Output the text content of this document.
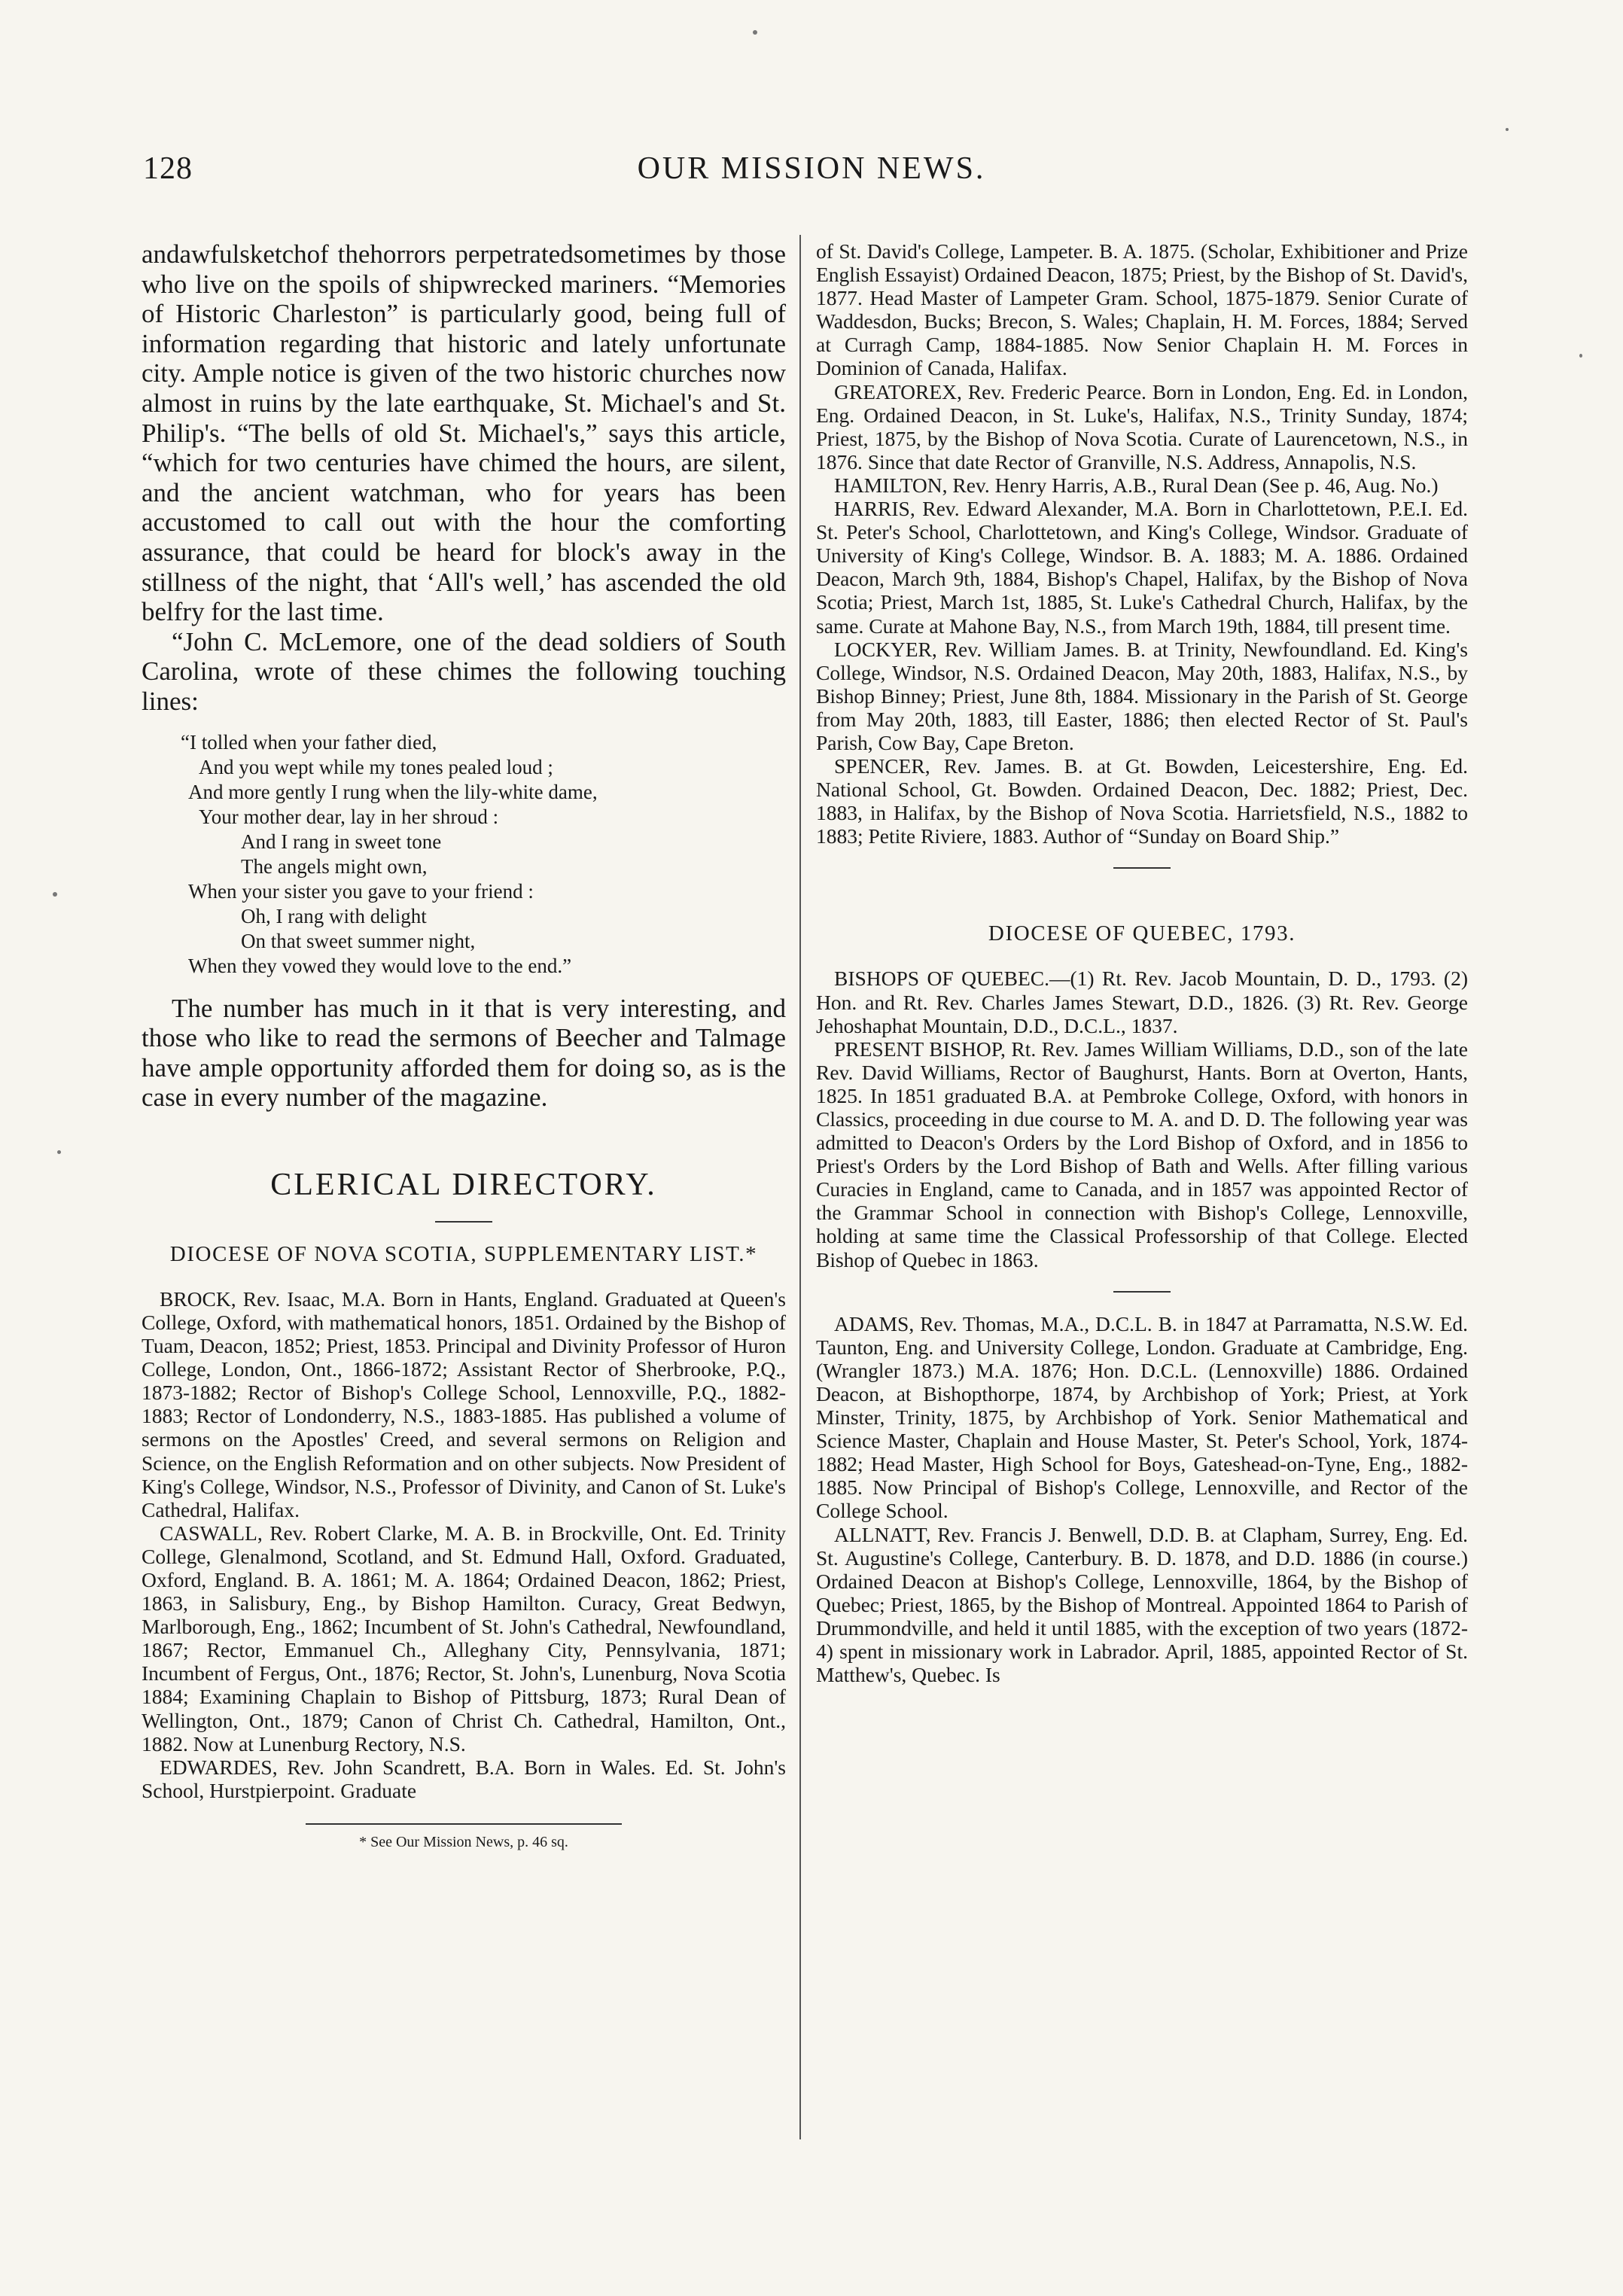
128	OUR MISSION NEWS.

andawfulsketchof thehorrors perpetratedsometimes by those who live on the spoils of shipwrecked mariners. “Memories of Historic Charleston” is particularly good, being full of information regarding that historic and lately unfortunate city. Ample notice is given of the two historic churches now almost in ruins by the late earthquake, St. Michael's and St. Philip's. “The bells of old St. Michael's,” says this article, “which for two centuries have chimed the hours, are silent, and the ancient watchman, who for years has been accustomed to call out with the hour the comforting assurance, that could be heard for block's away in the stillness of the night, that ‘All's well,’ has ascended the old belfry for the last time.

“John C. McLemore, one of the dead soldiers of South Carolina, wrote of these chimes the following touching lines:

“I tolled when your father died,
And you wept while my tones pealed loud ;
And more gently I rung when the lily-white dame,
Your mother dear, lay in her shroud :
And I rang in sweet tone
The angels might own,
When your sister you gave to your friend :
Oh, I rang with delight
On that sweet summer night,
When they vowed they would love to the end.”

The number has much in it that is very interesting, and those who like to read the sermons of Beecher and Talmage have ample opportunity afforded them for doing so, as is the case in every number of the magazine.

CLERICAL DIRECTORY.
DIOCESE OF NOVA SCOTIA, SUPPLEMENTARY LIST.*

BROCK, Rev. Isaac, M.A. Born in Hants, England. Graduated at Queen's College, Oxford, with mathematical honors, 1851. Ordained by the Bishop of Tuam, Deacon, 1852; Priest, 1853. Principal and Divinity Professor of Huron College, London, Ont., 1866-1872; Assistant Rector of Sherbrooke, P.Q., 1873-1882; Rector of Bishop's College School, Lennoxville, P.Q., 1882-1883; Rector of Londonderry, N.S., 1883-1885. Has published a volume of sermons on the Apostles' Creed, and several sermons on Religion and Science, on the English Reformation and on other subjects. Now President of King's College, Windsor, N.S., Professor of Divinity, and Canon of St. Luke's Cathedral, Halifax.

CASWALL, Rev. Robert Clarke, M. A. B. in Brockville, Ont. Ed. Trinity College, Glenalmond, Scotland, and St. Edmund Hall, Oxford. Graduated, Oxford, England. B. A. 1861; M. A. 1864; Ordained Deacon, 1862; Priest, 1863, in Salisbury, Eng., by Bishop Hamilton. Curacy, Great Bedwyn, Marlborough, Eng., 1862; Incumbent of St. John's Cathedral, Newfoundland, 1867; Rector, Emmanuel Ch., Alleghany City, Pennsylvania, 1871; Incumbent of Fergus, Ont., 1876; Rector, St. John's, Lunenburg, Nova Scotia 1884; Examining Chaplain to Bishop of Pittsburg, 1873; Rural Dean of Wellington, Ont., 1879; Canon of Christ Ch. Cathedral, Hamilton, Ont., 1882. Now at Lunenburg Rectory, N.S.

EDWARDES, Rev. John Scandrett, B.A. Born in Wales. Ed. St. John's School, Hurstpierpoint. Graduate

* See Our Mission News, p. 46 sq.

of St. David's College, Lampeter. B. A. 1875. (Scholar, Exhibitioner and Prize English Essayist) Ordained Deacon, 1875; Priest, by the Bishop of St. David's, 1877. Head Master of Lampeter Gram. School, 1875-1879. Senior Curate of Waddesdon, Bucks; Brecon, S. Wales; Chaplain, H. M. Forces, 1884; Served at Curragh Camp, 1884-1885. Now Senior Chaplain H. M. Forces in Dominion of Canada, Halifax.

GREATOREX, Rev. Frederic Pearce. Born in London, Eng. Ed. in London, Eng. Ordained Deacon, in St. Luke's, Halifax, N.S., Trinity Sunday, 1874; Priest, 1875, by the Bishop of Nova Scotia. Curate of Laurencetown, N.S., in 1876. Since that date Rector of Granville, N.S. Address, Annapolis, N.S.

HAMILTON, Rev. Henry Harris, A.B., Rural Dean (See p. 46, Aug. No.)

HARRIS, Rev. Edward Alexander, M.A. Born in Charlottetown, P.E.I. Ed. St. Peter's School, Charlottetown, and King's College, Windsor. Graduate of University of King's College, Windsor. B. A. 1883; M. A. 1886. Ordained Deacon, March 9th, 1884, Bishop's Chapel, Halifax, by the Bishop of Nova Scotia; Priest, March 1st, 1885, St. Luke's Cathedral Church, Halifax, by the same. Curate at Mahone Bay, N.S., from March 19th, 1884, till present time.

LOCKYER, Rev. William James. B. at Trinity, Newfoundland. Ed. King's College, Windsor, N.S. Ordained Deacon, May 20th, 1883, Halifax, N.S., by Bishop Binney; Priest, June 8th, 1884. Missionary in the Parish of St. George from May 20th, 1883, till Easter, 1886; then elected Rector of St. Paul's Parish, Cow Bay, Cape Breton.

SPENCER, Rev. James. B. at Gt. Bowden, Leicestershire, Eng. Ed. National School, Gt. Bowden. Ordained Deacon, Dec. 1882; Priest, Dec. 1883, in Halifax, by the Bishop of Nova Scotia. Harrietsfield, N.S., 1882 to 1883; Petite Riviere, 1883. Author of “Sunday on Board Ship.”

DIOCESE OF QUEBEC, 1793.

BISHOPS OF QUEBEC.—(1) Rt. Rev. Jacob Mountain, D. D., 1793. (2) Hon. and Rt. Rev. Charles James Stewart, D.D., 1826. (3) Rt. Rev. George Jehoshaphat Mountain, D.D., D.C.L., 1837.

PRESENT BISHOP, Rt. Rev. James William Williams, D.D., son of the late Rev. David Williams, Rector of Baughurst, Hants. Born at Overton, Hants, 1825. In 1851 graduated B.A. at Pembroke College, Oxford, with honors in Classics, proceeding in due course to M. A. and D. D. The following year was admitted to Deacon's Orders by the Lord Bishop of Oxford, and in 1856 to Priest's Orders by the Lord Bishop of Bath and Wells. After filling various Curacies in England, came to Canada, and in 1857 was appointed Rector of the Grammar School in connection with Bishop's College, Lennoxville, holding at same time the Classical Professorship of that College. Elected Bishop of Quebec in 1863.

ADAMS, Rev. Thomas, M.A., D.C.L. B. in 1847 at Parramatta, N.S.W. Ed. Taunton, Eng. and University College, London. Graduate at Cambridge, Eng. (Wrangler 1873.) M.A. 1876; Hon. D.C.L. (Lennoxville) 1886. Ordained Deacon, at Bishopthorpe, 1874, by Archbishop of York; Priest, at York Minster, Trinity, 1875, by Archbishop of York. Senior Mathematical and Science Master, Chaplain and House Master, St. Peter's School, York, 1874-1882; Head Master, High School for Boys, Gateshead-on-Tyne, Eng., 1882-1885. Now Principal of Bishop's College, Lennoxville, and Rector of the College School.

ALLNATT, Rev. Francis J. Benwell, D.D. B. at Clapham, Surrey, Eng. Ed. St. Augustine's College, Canterbury. B. D. 1878, and D.D. 1886 (in course.) Ordained Deacon at Bishop's College, Lennoxville, 1864, by the Bishop of Quebec; Priest, 1865, by the Bishop of Montreal. Appointed 1864 to Parish of Drummondville, and held it until 1885, with the exception of two years (1872-4) spent in missionary work in Labrador. April, 1885, appointed Rector of St. Matthew's, Quebec. Is
